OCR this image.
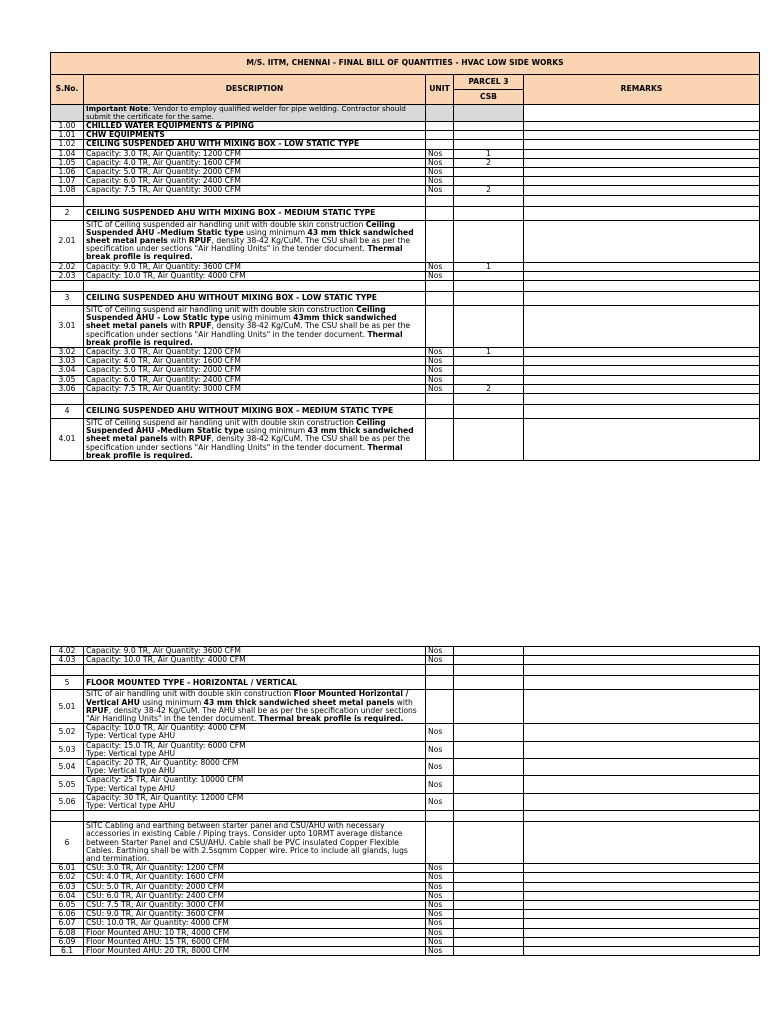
M/S. IITM, CHENNAI - FINAL BILL OF QUANTITIES - HVAC LOW SIDE WORKS				
S.No.	DESCRIPTION	UNIT	PARCEL 3	REMARKS
			CSB	
	Important Note: Vendor to employ qualified welder for pipe welding. Contractor should submit the certificate for the same.			
1.00	CHILLED WATER EQUIPMENTS & PIPING			
1.01	CHW EQUIPMENTS			
1.02	CEILING SUSPENDED AHU WITH MIXING BOX - LOW STATIC TYPE			
1.04	Capacity: 3.0 TR, Air Quantity: 1200 CFM	Nos	1	
1.05	Capacity: 4.0 TR, Air Quantity: 1600 CFM	Nos	2	
1.06	Capacity: 5.0 TR, Air Quantity: 2000 CFM	Nos		
1.07	Capacity: 6.0 TR, Air Quantity: 2400 CFM	Nos		
1.08	Capacity: 7.5 TR, Air Quantity: 3000 CFM	Nos	2	

2	CEILING SUSPENDED AHU WITH MIXING BOX - MEDIUM STATIC TYPE			
2.01	SITC of Ceiling suspended air handling unit with double skin construction Ceiling Suspended AHU -Medium Static type using minimum 43 mm thick sandwiched sheet metal panels with RPUF, density 38-42 Kg/CuM. The CSU shall be as per the specification under sections "Air Handling Units" in the tender document. Thermal break profile is required.			
2.02	Capacity: 9.0 TR, Air Quantity: 3600 CFM	Nos	1	
2.03	Capacity: 10.0 TR, Air Quantity: 4000 CFM	Nos		

3	CEILING SUSPENDED AHU WITHOUT MIXING BOX - LOW STATIC TYPE			
3.01	SITC of Ceiling suspend air handling unit with double skin construction Ceiling Suspended AHU - Low Static type using minimum 43mm thick sandwiched sheet metal panels with RPUF, density 38-42 Kg/CuM. The CSU shall be as per the specification under sections "Air Handling Units" in the tender document. Thermal break profile is required.			
3.02	Capacity: 3.0 TR, Air Quantity: 1200 CFM	Nos	1	
3.03	Capacity: 4.0 TR, Air Quantity: 1600 CFM	Nos		
3.04	Capacity: 5.0 TR, Air Quantity: 2000 CFM	Nos		
3.05	Capacity: 6.0 TR, Air Quantity: 2400 CFM	Nos		
3.06	Capacity: 7.5 TR, Air Quantity: 3000 CFM	Nos	2	

4	CEILING SUSPENDED AHU WITHOUT MIXING BOX - MEDIUM STATIC TYPE			
4.01	SITC of Ceiling suspend air handling unit with double skin construction Ceiling Suspended AHU -Medium Static type using minimum 43 mm thick sandwiched sheet metal panels with RPUF, density 38-42 Kg/CuM. The CSU shall be as per the specification under sections "Air Handling Units" in the tender document. Thermal break profile is required.			
4.02	Capacity: 9.0 TR, Air Quantity: 3600 CFM	Nos		
4.03	Capacity: 10.0 TR, Air Quantity: 4000 CFM	Nos		

5	FLOOR MOUNTED TYPE - HORIZONTAL / VERTICAL			
5.01	SITC of air handling unit with double skin construction Floor Mounted Horizontal / Vertical AHU using minimum 43 mm thick sandwiched sheet metal panels with RPUF, density 38-42 Kg/CuM. The AHU shall be as per the specification under sections "Air Handling Units" in the tender document. Thermal break profile is required.			
5.02	Capacity: 10.0 TR, Air Quantity: 4000 CFM
Type: Vertical type AHU	Nos		
5.03	Capacity: 15.0 TR, Air Quantity: 6000 CFM
Type: Vertical type AHU	Nos		
5.04	Capacity: 20 TR, Air Quantity: 8000 CFM
Type: Vertical type AHU	Nos		
5.05	Capacity: 25 TR, Air Quantity: 10000 CFM
Type: Vertical type AHU	Nos		
5.06	Capacity: 30 TR, Air Quantity: 12000 CFM
Type: Vertical type AHU	Nos		

6	SITC Cabling and earthing between starter panel and CSU/AHU with necessary accessories in existing Cable / Piping trays. Consider upto 10RMT average distance between Starter Panel and CSU/AHU. Cable shall be PVC insulated Copper Flexible Cables. Earthing shall be with 2.5sqmm Copper wire. Price to include all glands, lugs and termination.			
6.01	CSU: 3.0 TR, Air Quantity: 1200 CFM	Nos		
6.02	CSU: 4.0 TR, Air Quantity: 1600 CFM	Nos		
6.03	CSU: 5.0 TR, Air Quantity: 2000 CFM	Nos		
6.04	CSU: 6.0 TR, Air Quantity: 2400 CFM	Nos		
6.05	CSU: 7.5 TR, Air Quantity: 3000 CFM	Nos		
6.06	CSU: 9.0 TR, Air Quantity: 3600 CFM	Nos		
6.07	CSU: 10.0 TR, Air Quantity: 4000 CFM	Nos		
6.08	Floor Mounted AHU: 10 TR, 4000 CFM	Nos		
6.09	Floor Mounted AHU: 15 TR, 6000 CFM	Nos		
6.1	Floor Mounted AHU: 20 TR, 8000 CFM	Nos		
